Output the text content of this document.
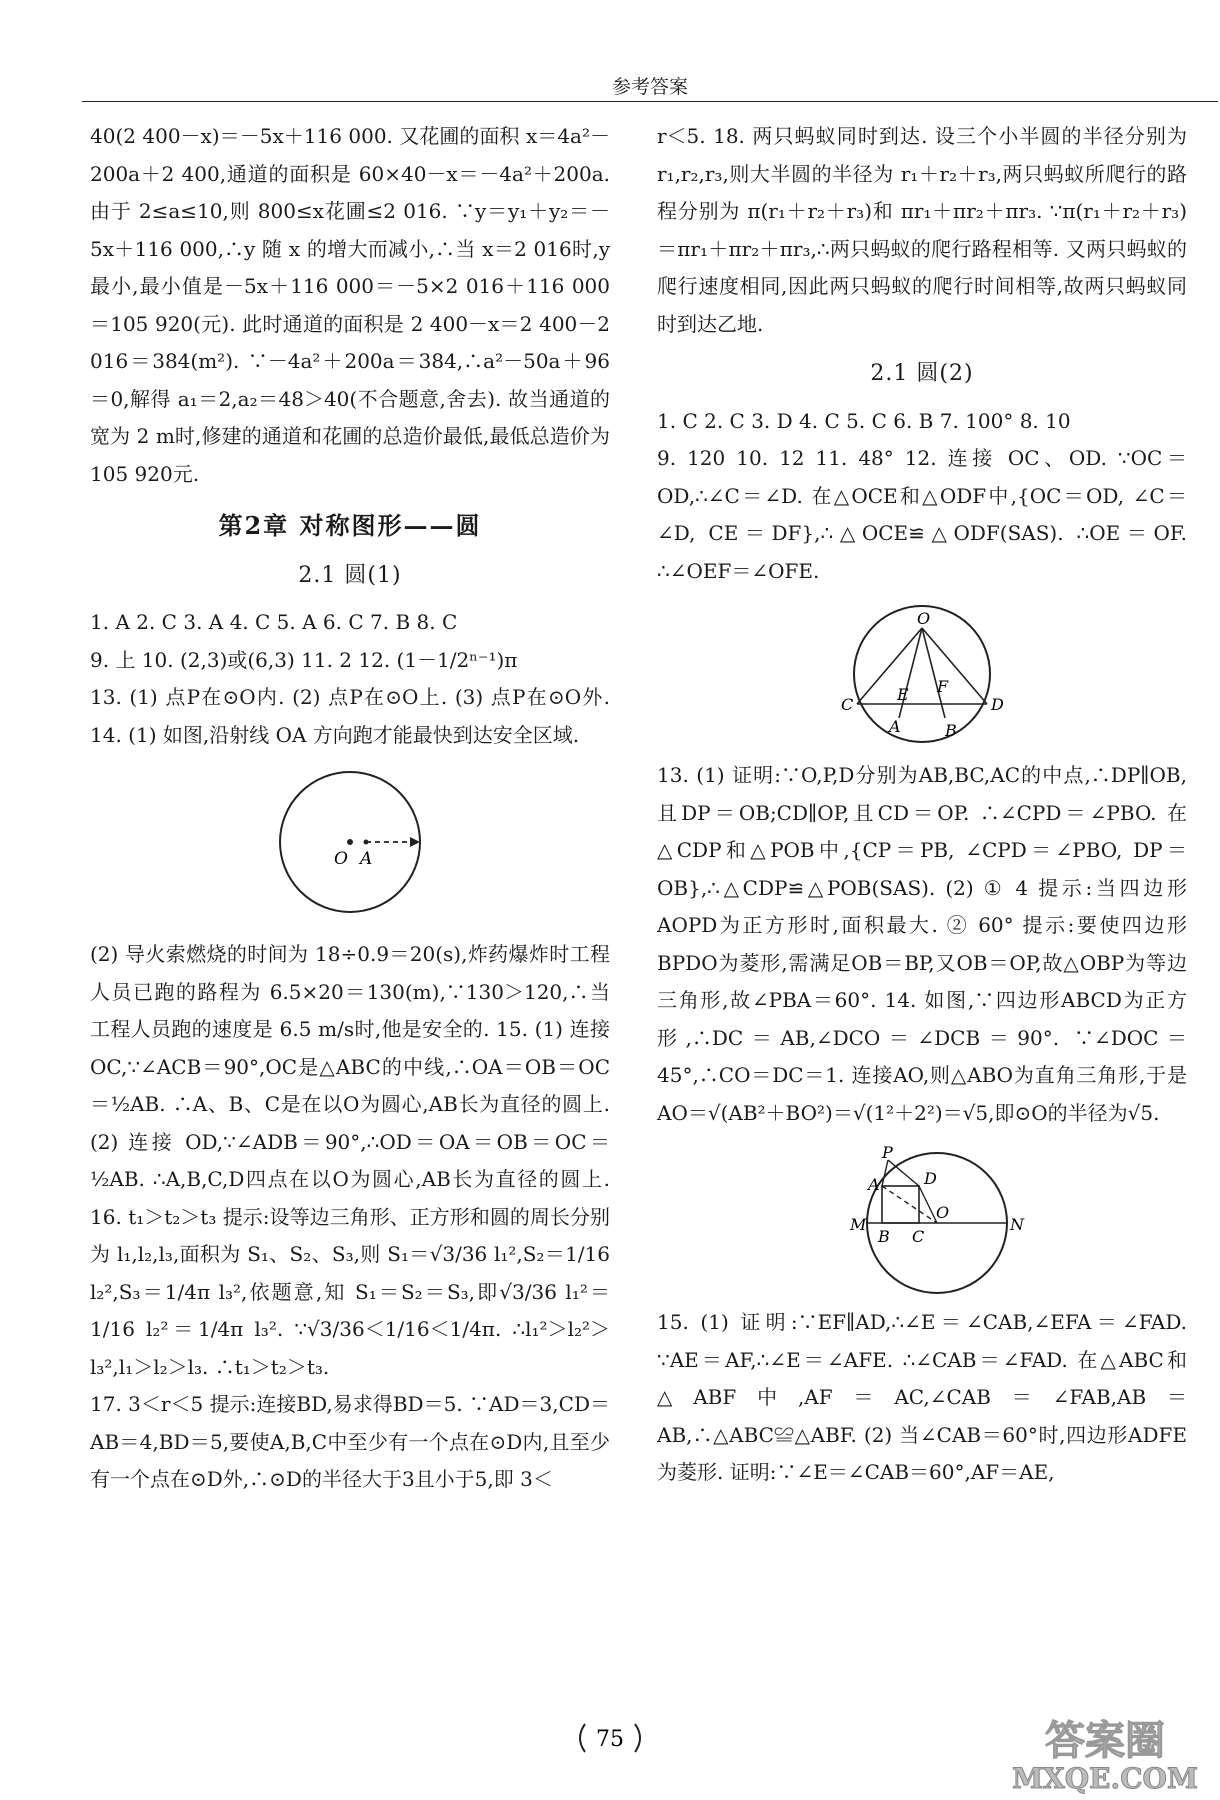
参考答案

40(2 400－x)＝－5x＋116 000. 又花圃的面积 x＝4a²－200a＋2 400,通道的面积是 60×40－x＝－4a²＋200a. 由于 2≤a≤10,则 800≤x花圃≤2 016. ∵y＝y₁＋y₂＝－5x＋116 000,∴y 随 x 的增大而减小,∴当 x＝2 016时,y 最小,最小值是－5x＋116 000＝－5×2 016＋116 000＝105 920(元). 此时通道的面积是 2 400－x＝2 400－2 016＝384(m²). ∵－4a²＋200a＝384,∴a²－50a＋96＝0,解得 a₁＝2,a₂＝48＞40(不合题意,舍去). 故当通道的宽为 2 m时,修建的通道和花圃的总造价最低,最低总造价为105 920元.

第2章 对称图形——圆
2.1 圆(1)

1. A 2. C 3. A 4. C 5. A 6. C 7. B 8. C

9. 上 10. (2,3)或(6,3) 11. 2 12. (1－1/2ⁿ⁻¹)π

13. (1) 点P在⊙O内. (2) 点P在⊙O上. (3) 点P在⊙O外. 14. (1) 如图,沿射线 OA 方向跑才能最快到达安全区域.

O A

(2) 导火索燃烧的时间为 18÷0.9＝20(s),炸药爆炸时工程人员已跑的路程为 6.5×20＝130(m),∵130＞120,∴当工程人员跑的速度是 6.5 m/s时,他是安全的. 15. (1) 连接 OC,∵∠ACB＝90°,OC是△ABC的中线,∴OA＝OB＝OC＝½AB. ∴A、B、C是在以O为圆心,AB长为直径的圆上. (2) 连接 OD,∵∠ADB＝90°,∴OD＝OA＝OB＝OC＝½AB. ∴A,B,C,D四点在以O为圆心,AB长为直径的圆上. 16. t₁＞t₂＞t₃ 提示:设等边三角形、正方形和圆的周长分别为 l₁,l₂,l₃,面积为 S₁、S₂、S₃,则 S₁＝√3/36 l₁²,S₂＝1/16 l₂²,S₃＝1/4π l₃²,依题意,知 S₁＝S₂＝S₃,即√3/36 l₁²＝1/16 l₂²＝1/4π l₃². ∵√3/36＜1/16＜1/4π. ∴l₁²＞l₂²＞l₃²,l₁＞l₂＞l₃. ∴t₁＞t₂＞t₃.

17. 3＜r＜5 提示:连接BD,易求得BD＝5. ∵AD＝3,CD＝AB＝4,BD＝5,要使A,B,C中至少有一个点在⊙D内,且至少有一个点在⊙D外,∴⊙D的半径大于3且小于5,即 3＜

r＜5. 18. 两只蚂蚁同时到达. 设三个小半圆的半径分别为 r₁,r₂,r₃,则大半圆的半径为 r₁＋r₂＋r₃,两只蚂蚁所爬行的路程分别为 π(r₁＋r₂＋r₃)和 πr₁＋πr₂＋πr₃. ∵π(r₁＋r₂＋r₃)＝πr₁＋πr₂＋πr₃,∴两只蚂蚁的爬行路程相等. 又两只蚂蚁的爬行速度相同,因此两只蚂蚁的爬行时间相等,故两只蚂蚁同时到达乙地.

2.1 圆(2)

1. C 2. C 3. D 4. C 5. C 6. B 7. 100° 8. 10

9. 120 10. 12 11. 48° 12. 连接 OC、OD. ∵OC＝OD,∴∠C＝∠D. 在△OCE和△ODF中,{OC＝OD, ∠C＝∠D, CE＝DF},∴△OCE≌△ODF(SAS). ∴OE＝OF. ∴∠OEF＝∠OFE.

O
C
E F
D
A	B

13. (1) 证明:∵O,P,D分别为AB,BC,AC的中点,∴DP∥OB,且DP＝OB;CD∥OP,且CD＝OP. ∴∠CPD＝∠PBO. 在△CDP和△POB中,{CP＝PB, ∠CPD＝∠PBO, DP＝OB},∴△CDP≌△POB(SAS). (2) ① 4 提示:当四边形AOPD为正方形时,面积最大. ② 60° 提示:要使四边形BPDO为菱形,需满足OB＝BP,又OB＝OP,故△OBP为等边三角形,故∠PBA＝60°. 14. 如图,∵四边形ABCD为正方形,∴DC＝AB,∠DCO＝∠DCB＝90°. ∵∠DOC＝45°,∴CO＝DC＝1. 连接AO,则△ABO为直角三角形,于是 AO＝√(AB²＋BO²)＝√(1²＋2²)＝√5,即⊙O的半径为√5.

P
A	D
O
M
B C
N

15. (1) 证明:∵EF∥AD,∴∠E＝∠CAB,∠EFA＝∠FAD. ∵AE＝AF,∴∠E＝∠AFE. ∴∠CAB＝∠FAD. 在△ABC和△ABF中,AF＝AC,∠CAB＝∠FAB,AB＝AB,∴△ABC≌△ABF. (2) 当∠CAB＝60°时,四边形ADFE为菱形. 证明:∵∠E＝∠CAB＝60°,AF＝AE,

75	答案圈
MXQE.COM
